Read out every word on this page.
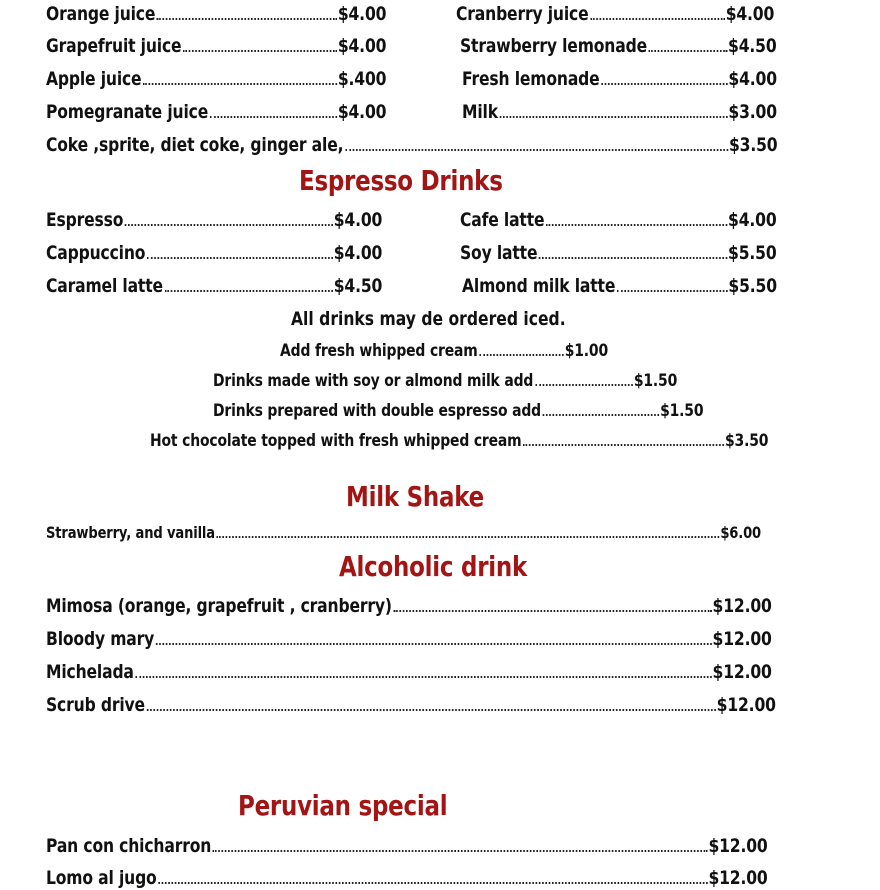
Orange juice	$4.00
Grapefruit juice	$4.00
Apple juice	$.400
Pomegranate juice	$4.00
Cranberry juice	$4.00
Strawberry lemonade	$4.50
Fresh lemonade	$4.00
Milk	$3.00
Coke ,sprite, diet coke, ginger ale,	$3.50
Espresso Drinks
Espresso	$4.00
Cappuccino	$4.00
Caramel latte	$4.50
Cafe latte	$4.00
Soy latte	$5.50
Almond milk latte	$5.50
All drinks may de ordered iced.
Add fresh whipped cream	$1.00
Drinks made with soy or almond milk add	$1.50
Drinks prepared with double espresso add	$1.50
Hot chocolate topped with fresh whipped cream	$3.50
Milk Shake
Strawberry, and vanilla	$6.00
Alcoholic drink
Mimosa (orange, grapefruit , cranberry)	$12.00
Bloody mary	$12.00
Michelada	$12.00
Scrub drive	$12.00
Peruvian special
Pan con chicharron	$12.00
Lomo al jugo	$12.00
